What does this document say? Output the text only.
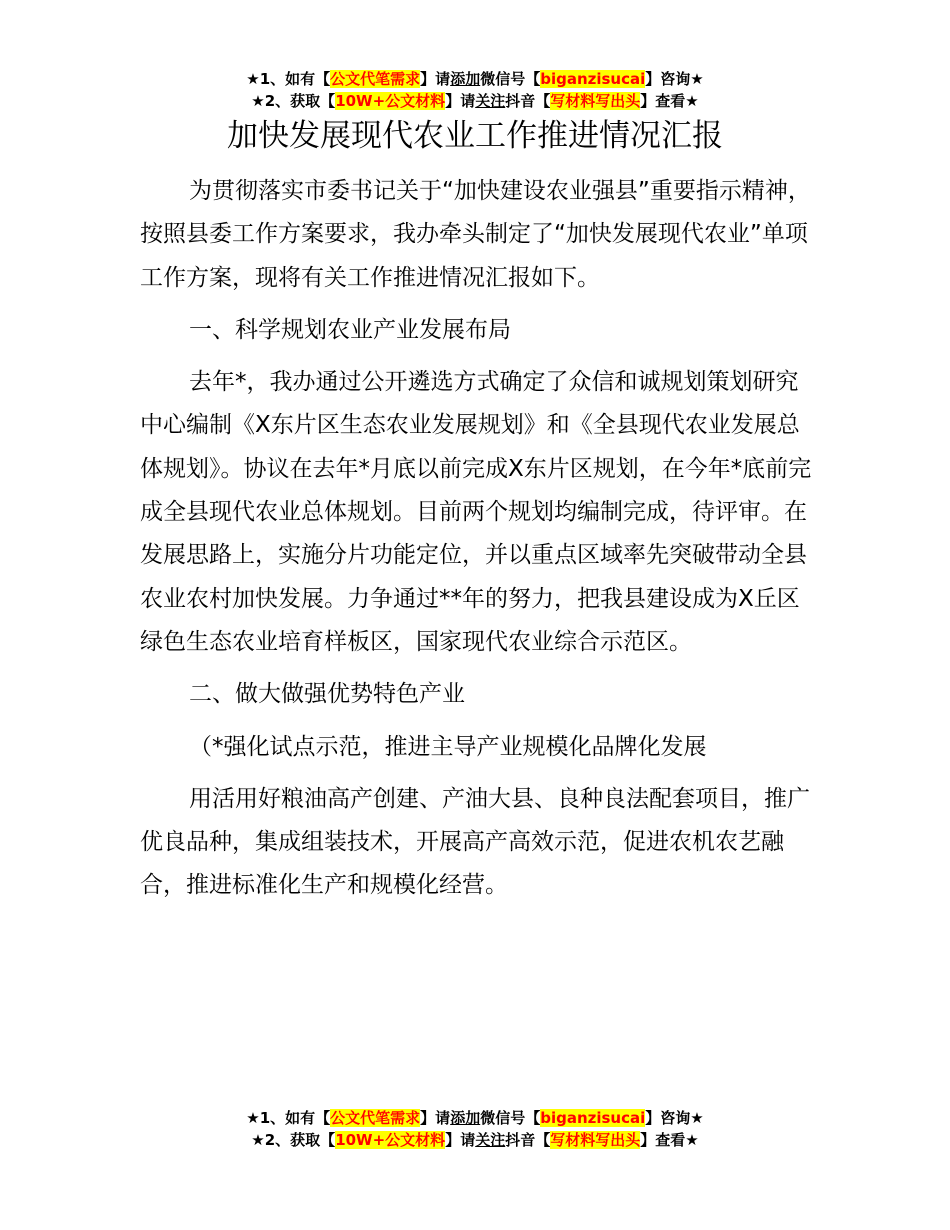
★1、如有【公文代笔需求】请添加微信号【biganzisucai】咨询★
★2、获取【10W+公文材料】请关注抖音【写材料写出头】查看★
加快发展现代农业工作推进情况汇报

为贯彻落实市委书记关于“加快建设农业强县”重要指示精神，按照县委工作方案要求，我办牵头制定了“加快发展现代农业”单项工作方案，现将有关工作推进情况汇报如下。

一、科学规划农业产业发展布局

去年*，我办通过公开遴选方式确定了众信和诚规划策划研究中心编制《X东片区生态农业发展规划》和《全县现代农业发展总体规划》。协议在去年*月底以前完成X东片区规划，在今年*底前完成全县现代农业总体规划。目前两个规划均编制完成，待评审。在发展思路上，实施分片功能定位，并以重点区域率先突破带动全县农业农村加快发展。力争通过**年的努力，把我县建设成为X丘区绿色生态农业培育样板区，国家现代农业综合示范区。

二、做大做强优势特色产业

（*强化试点示范，推进主导产业规模化品牌化发展

用活用好粮油高产创建、产油大县、良种良法配套项目，推广优良品种，集成组装技术，开展高产高效示范，促进农机农艺融合，推进标准化生产和规模化经营。

★1、如有【公文代笔需求】请添加微信号【biganzisucai】咨询★
★2、获取【10W+公文材料】请关注抖音【写材料写出头】查看★
